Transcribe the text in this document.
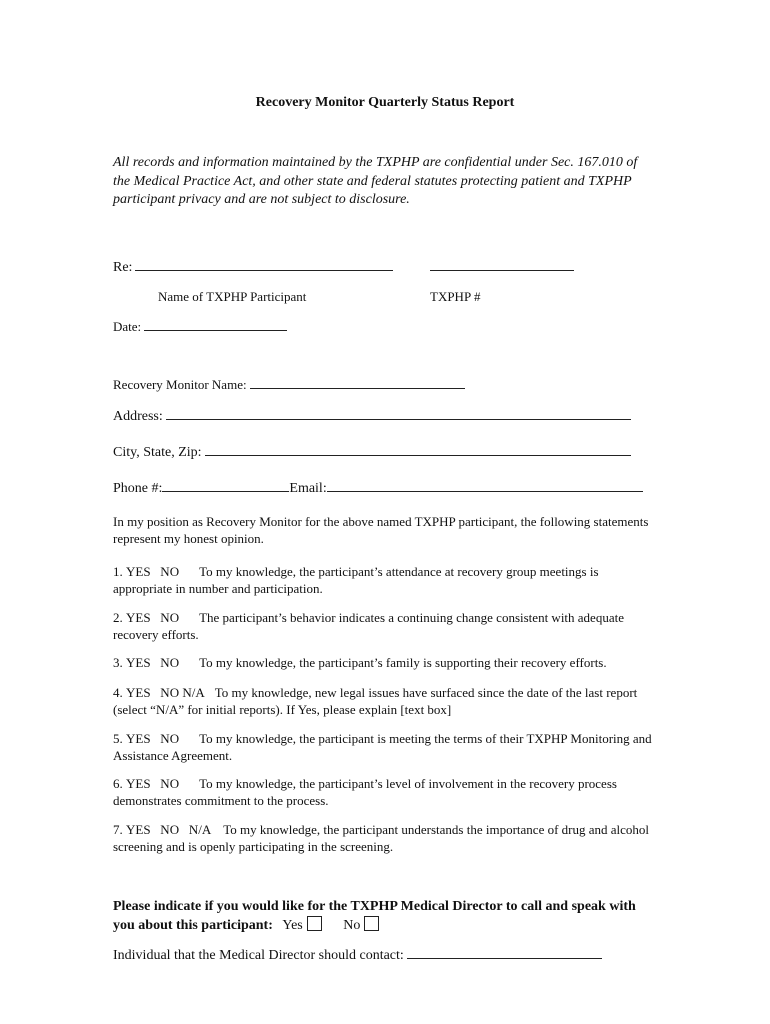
Recovery Monitor Quarterly Status Report
All records and information maintained by the TXPHP are confidential under Sec. 167.010 of the Medical Practice Act, and other state and federal statutes protecting patient and TXPHP participant privacy and are not subject to disclosure.
Re:
Name of TXPHP Participant	TXPHP #
Date:
Recovery Monitor Name:
Address:
City, State, Zip:
Phone #:	Email:
In my position as Recovery Monitor for the above named TXPHP participant, the following statements represent my honest opinion.
1. YES   NO To my knowledge, the participant’s attendance at recovery group meetings is appropriate in number and participation.
2. YES   NO The participant’s behavior indicates a continuing change consistent with adequate recovery efforts.
3. YES   NO To my knowledge, the participant’s family is supporting their recovery efforts.
4. YES   NO N/A To my knowledge, new legal issues have surfaced since the date of the last report (select “N/A” for initial reports). If Yes, please explain [text box]
5. YES   NO To my knowledge, the participant is meeting the terms of their TXPHP Monitoring and Assistance Agreement.
6. YES   NO To my knowledge, the participant’s level of involvement in the recovery process demonstrates commitment to the process.
7. YES   NO   N/A To my knowledge, the participant understands the importance of drug and alcohol screening and is openly participating in the screening.
Please indicate if you would like for the TXPHP Medical Director to call and speak with you about this participant: Yes	No
Individual that the Medical Director should contact:
